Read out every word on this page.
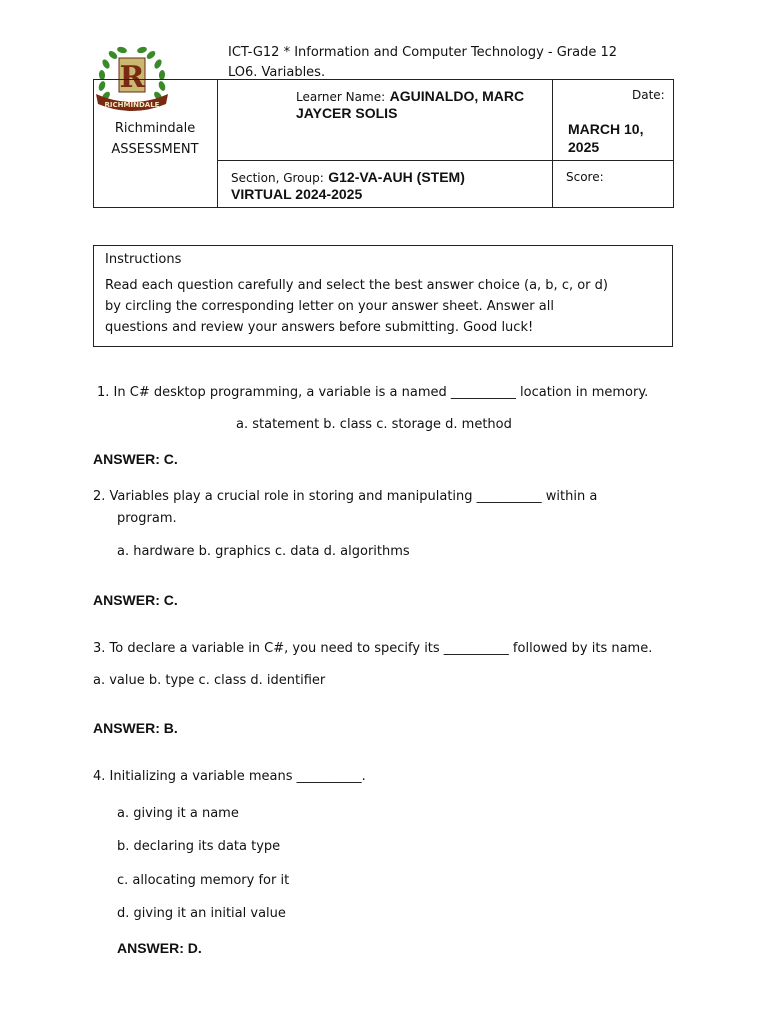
ICT-G12 * Information and Computer Technology - Grade 12
LO6. Variables.
R
RICHMINDALE
Richmindale
ASSESSMENT
Learner Name: AGUINALDO, MARC
JAYCER SOLIS
Date:
MARCH 10,
2025
Section, Group: G12-VA-AUH (STEM)
VIRTUAL 2024-2025
Score:
Instructions
Read each question carefully and select the best answer choice (a, b, c, or d)
by circling the corresponding letter on your answer sheet. Answer all
questions and review your answers before submitting. Good luck!
1. In C# desktop programming, a variable is a named __________ location in memory.
a. statement b. class c. storage d. method
ANSWER: C.
2. Variables play a crucial role in storing and manipulating __________ within a
program.
a. hardware b. graphics c. data d. algorithms
ANSWER: C.
3. To declare a variable in C#, you need to specify its __________ followed by its name.
a. value b. type c. class d. identifier
ANSWER: B.
4. Initializing a variable means __________.
a. giving it a name
b. declaring its data type
c. allocating memory for it
d. giving it an initial value
ANSWER: D.
